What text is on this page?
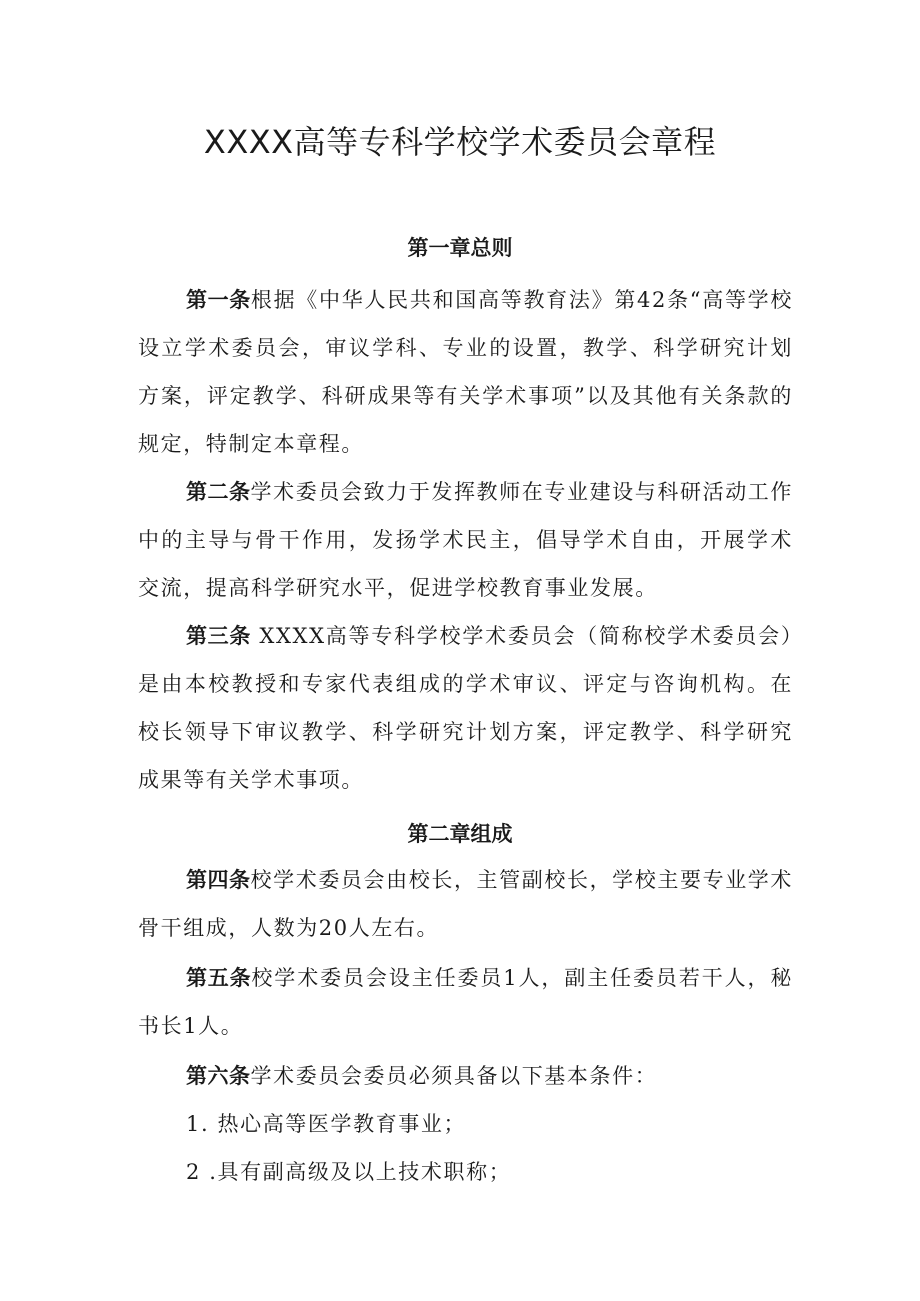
XXXX高等专科学校学术委员会章程
第一章总则

第一条根据《中华人民共和国高等教育法》第42条“高等学校设立学术委员会，审议学科、专业的设置，教学、科学研究计划方案，评定教学、科研成果等有关学术事项”以及其他有关条款的规定，特制定本章程。

第二条学术委员会致力于发挥教师在专业建设与科研活动工作中的主导与骨干作用，发扬学术民主，倡导学术自由，开展学术交流，提高科学研究水平，促进学校教育事业发展。

第三条 XXXX高等专科学校学术委员会（简称校学术委员会）是由本校教授和专家代表组成的学术审议、评定与咨询机构。在校长领导下审议教学、科学研究计划方案，评定教学、科学研究成果等有关学术事项。

第二章组成

第四条校学术委员会由校长，主管副校长，学校主要专业学术骨干组成，人数为20人左右。

第五条校学术委员会设主任委员1人，副主任委员若干人，秘书长1人。

第六条学术委员会委员必须具备以下基本条件：

1. 热心高等医学教育事业；

2 .具有副高级及以上技术职称；
